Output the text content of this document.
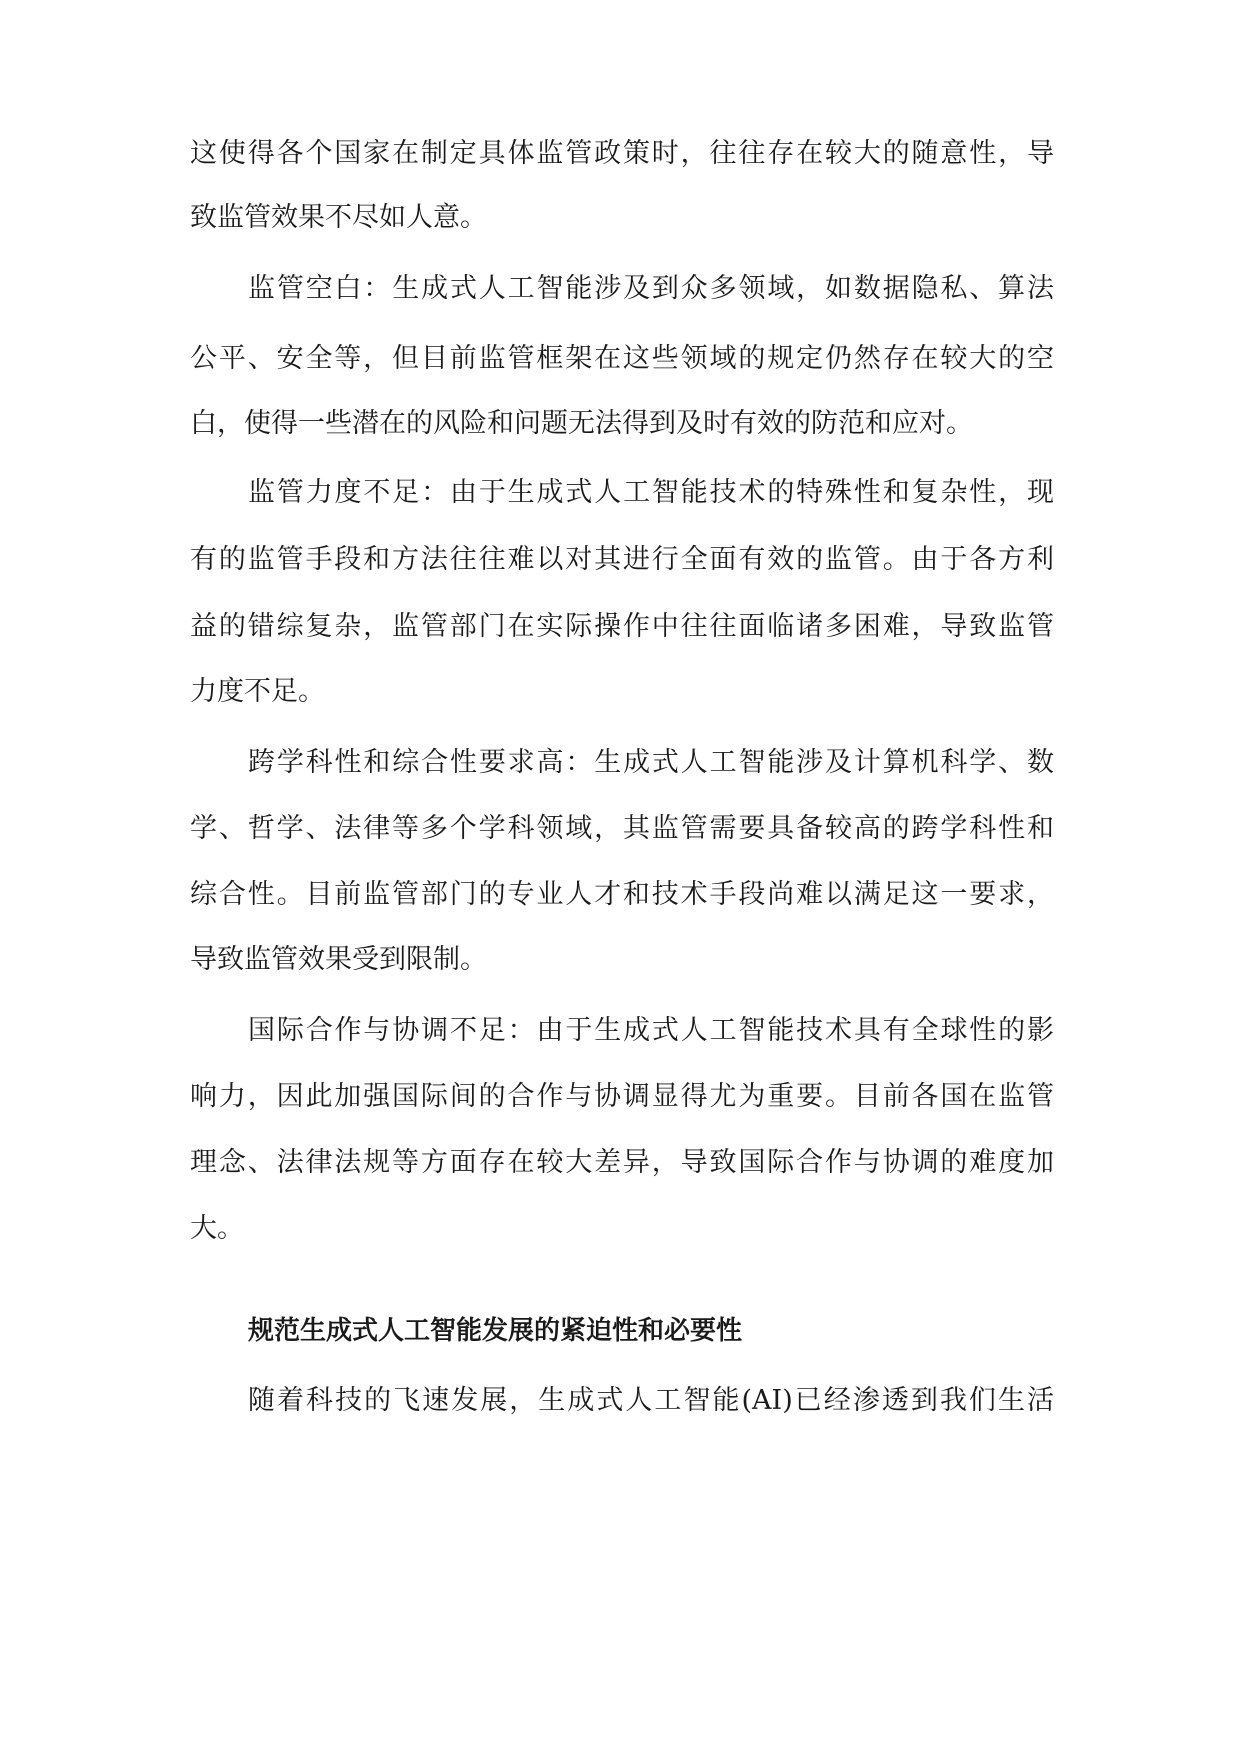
这使得各个国家在制定具体监管政策时，往往存在较大的随意性，导
致监管效果不尽如人意。
监管空白：生成式人工智能涉及到众多领域，如数据隐私、算法
公平、安全等，但目前监管框架在这些领域的规定仍然存在较大的空
白，使得一些潜在的风险和问题无法得到及时有效的防范和应对。
监管力度不足：由于生成式人工智能技术的特殊性和复杂性，现
有的监管手段和方法往往难以对其进行全面有效的监管。由于各方利
益的错综复杂，监管部门在实际操作中往往面临诸多困难，导致监管
力度不足。
跨学科性和综合性要求高：生成式人工智能涉及计算机科学、数
学、哲学、法律等多个学科领域，其监管需要具备较高的跨学科性和
综合性。目前监管部门的专业人才和技术手段尚难以满足这一要求，
导致监管效果受到限制。
国际合作与协调不足：由于生成式人工智能技术具有全球性的影
响力，因此加强国际间的合作与协调显得尤为重要。目前各国在监管
理念、法律法规等方面存在较大差异，导致国际合作与协调的难度加
大。
规范生成式人工智能发展的紧迫性和必要性
随着科技的飞速发展，生成式人工智能(AI)已经渗透到我们生活
